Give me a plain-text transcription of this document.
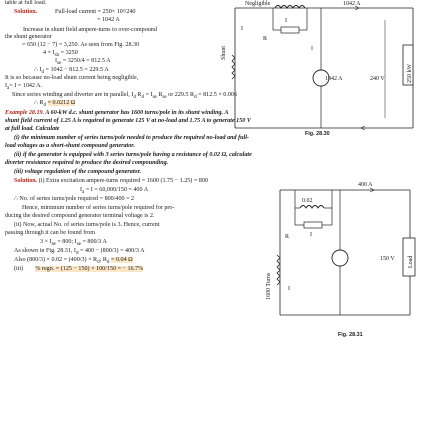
table at full load.
Solution.	Full-load current = 250× 10³/240
= 1042 A
Increase in shunt field ampere-turns to over-compound
the shunt generator
= 650 (12 − 7) = 3,250. As seen from Fig. 28.30
$4 \times I_{sh} = 3250$
$I_{se} = 3250/4 = 812.5$ A
∴ $I_d = 1042 - 812.5 = 229.5$ A
It is so because no-load shunt current being negligible,
$I_a= I = 1042$ A.
Since series winding and diverter are in parallel, $I_d$ $R_d = I_{se}$ $R_{se}$ or 229.5 $R_d = 812.5 \times 0.006$
∴ $R_d = 0.0212$ Ω
Negligible	1042 A
1042 A
Shunt
240 V	250 kW
R
I
I
I
Fig. 28.30
Example 28.19. A 60-kW d.c. shunt generator has 1600 turns/pole in its shunt winding. A
shunt field current of 1.25 A is required to generate 125 V at no-load and 1.75 A to generate 150 V
at full load. Calculate
(i) the minimum number of series turns/pole needed to produce the required no-load and full-
load voltages as a short-shunt compound generator.
(ii) if the generator is equipped with 3 series turns/pole having a resistance of 0.02 Ω, calculate
diverter resistance required to produce the desired compounding.
(iii) voltage regulation of the compound generator.
Solution. (i) Extra excitation ampere-turns required = 1600 (1.75 − 1.25) = 800
$I_a = I = 60,000/150 = 400$ A
∴ No. of series turns/pole required = 800/400 = 2
Hence, minimum number of series turns/pole required for pro-
ducing the desired compound generator terminal voltage is 2.
(ii) Now, actual No. of series turns/pole is 3. Hence, current
passing through it can be found from
$3 \times I_{se} = 800$; $I_{se} = 800/3$ A
As shown in Fig. 28.31, $I_d = 400 - (800/3) = 400/3$ A
Also $(800/3) \times 0.02 = (400/3) \times R_d$; $R_d = 0.04$ Ω
(iii) % regn. = (125 − 150) × 100/150 = − 16.7%
400 A
0.02
R	I
I
1600 Turns
150 V Load
Fig. 28.31
